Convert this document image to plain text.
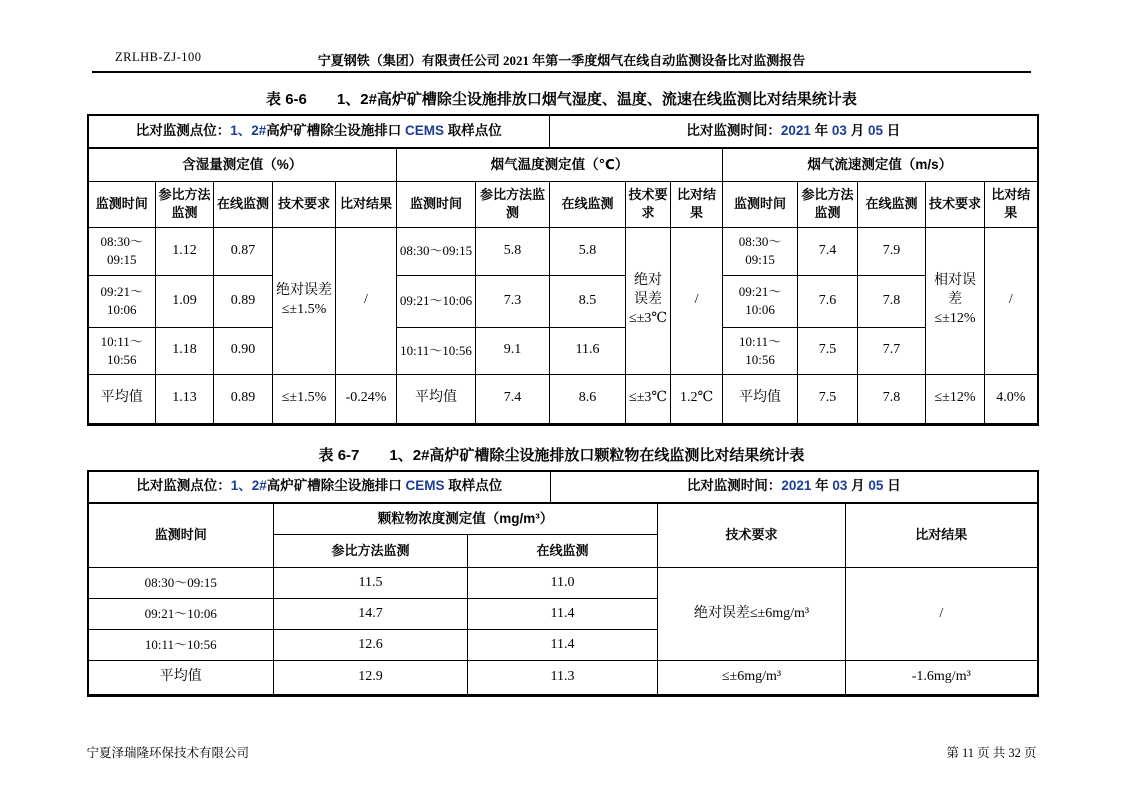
ZRLHB-ZJ-100	宁夏钢铁（集团）有限责任公司 2021 年第一季度烟气在线自动监测设备比对监测报告
表 6-6　　1、2#高炉矿槽除尘设施排放口烟气湿度、温度、流速在线监测比对结果统计表
比对监测点位：1、2#高炉矿槽除尘设施排口 CEMS 取样点位							比对监测时间：2021 年 03 月 05 日							
含湿量测定值（%）					烟气温度测定值（℃）					烟气流速测定值（m/s）				
监测时间	参比方法监测	在线监测	技术要求	比对结果	监测时间	参比方法监测	在线监测	技术要求	比对结果	监测时间	参比方法监测	在线监测	技术要求	比对结果
08:30～09:15	1.12	0.87	绝对误差≤±1.5%	/	08:30～09:15	5.8	5.8	绝对误差≤±3℃	/	08:30～09:15	7.4	7.9	相对误差≤±12%	/
09:21～10:06	1.09	0.89			09:21～10:06	7.3	8.5			09:21～10:06	7.6	7.8		
10:11～10:56	1.18	0.90			10:11～10:56	9.1	11.6			10:11～10:56	7.5	7.7		
平均值	1.13	0.89	≤±1.5%	-0.24%	平均值	7.4	8.6	≤±3℃	1.2℃	平均值	7.5	7.8	≤±12%	4.0%
表 6-7　　1、2#高炉矿槽除尘设施排放口颗粒物在线监测比对结果统计表
比对监测点位：1、2#高炉矿槽除尘设施排口 CEMS 取样点位			比对监测时间：2021 年 03 月 05 日		
监测时间	颗粒物浓度测定值（mg/m³）			技术要求	比对结果
	参比方法监测	在线监测			
08:30～09:15	11.5	11.0		绝对误差≤±6mg/m³	/
09:21～10:06	14.7	11.4			
10:11～10:56	12.6	11.4			
平均值	12.9	11.3		≤±6mg/m³	-1.6mg/m³
宁夏泽瑞隆环保技术有限公司	第 11 页 共 32 页
